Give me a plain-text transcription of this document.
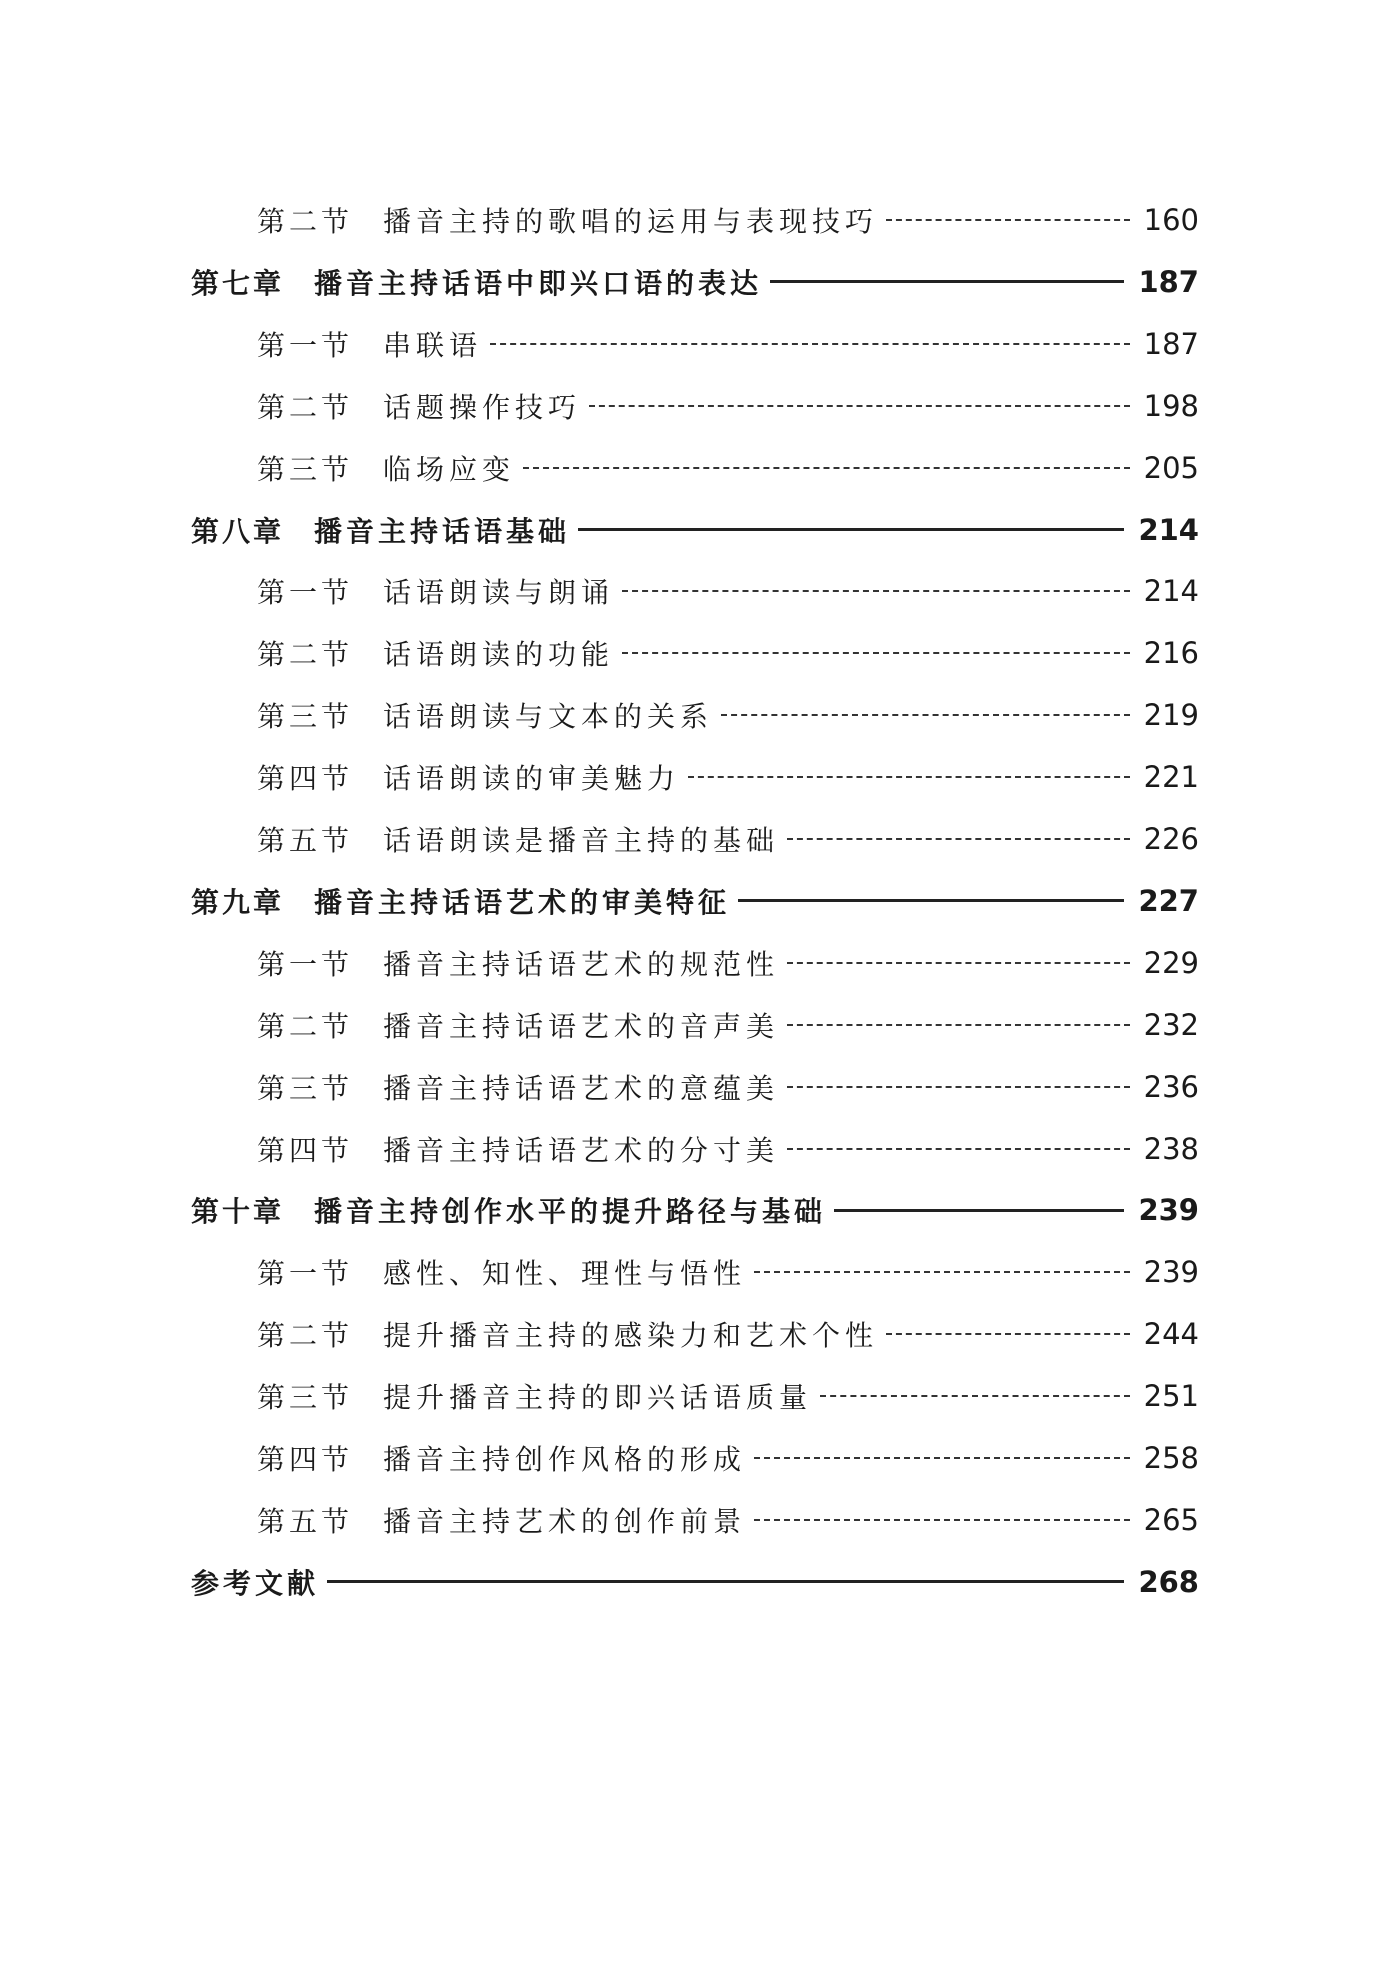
第二节 播音主持的歌唱的运用与表现技巧	160
第七章 播音主持话语中即兴口语的表达	187
第一节 串联语	187
第二节 话题操作技巧	198
第三节 临场应变	205
第八章 播音主持话语基础	214
第一节 话语朗读与朗诵	214
第二节 话语朗读的功能	216
第三节 话语朗读与文本的关系	219
第四节 话语朗读的审美魅力	221
第五节 话语朗读是播音主持的基础	226
第九章 播音主持话语艺术的审美特征	227
第一节 播音主持话语艺术的规范性	229
第二节 播音主持话语艺术的音声美	232
第三节 播音主持话语艺术的意蕴美	236
第四节 播音主持话语艺术的分寸美	238
第十章 播音主持创作水平的提升路径与基础	239
第一节 感性、知性、理性与悟性	239
第二节 提升播音主持的感染力和艺术个性	244
第三节 提升播音主持的即兴话语质量	251
第四节 播音主持创作风格的形成	258
第五节 播音主持艺术的创作前景	265
参考文献	268
